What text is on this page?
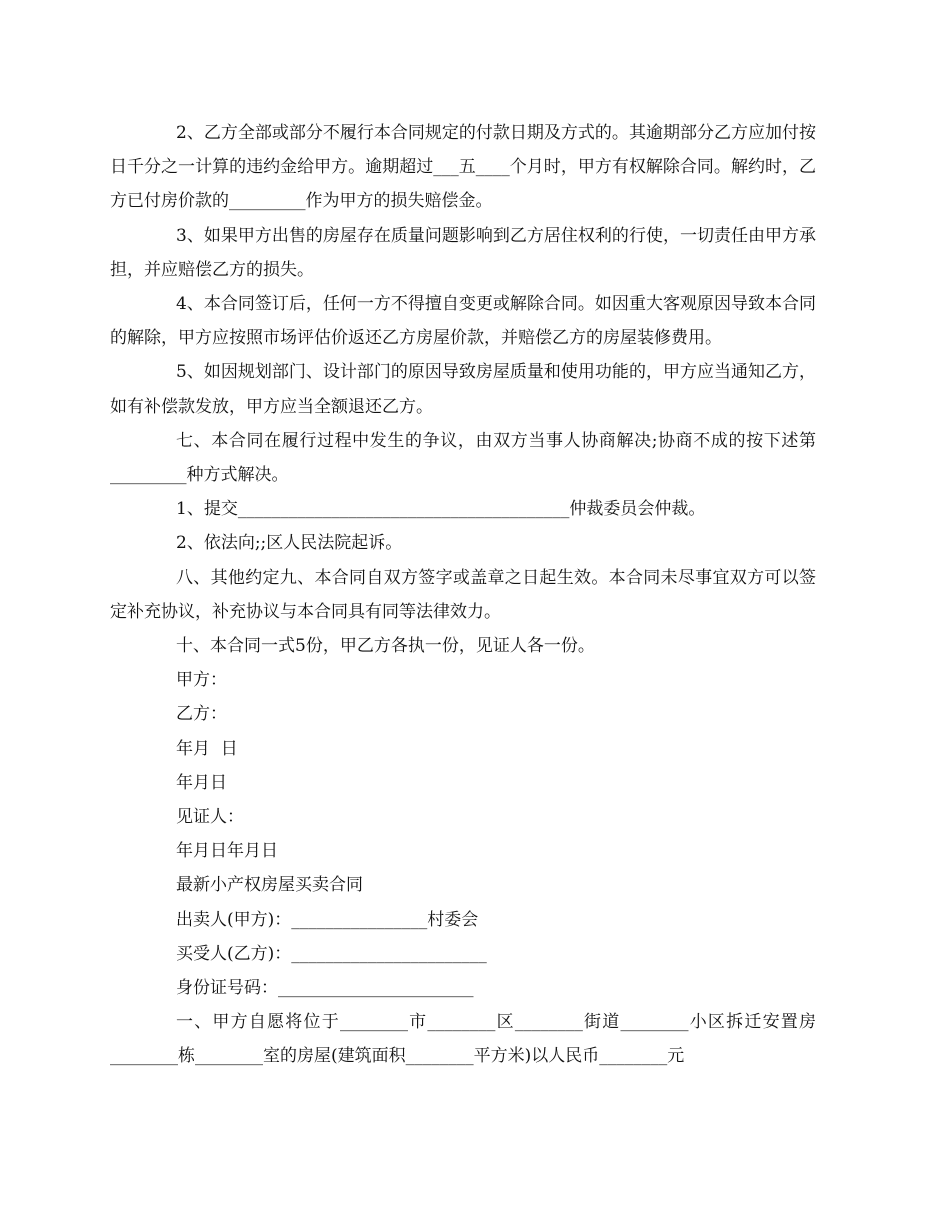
2、乙方全部或部分不履行本合同规定的付款日期及方式的。其逾期部分乙方应加付按日千分之一计算的违约金给甲方。逾期超过___五____个月时，甲方有权解除合同。解约时，乙方已付房价款的_________作为甲方的损失赔偿金。

3、如果甲方出售的房屋存在质量问题影响到乙方居住权利的行使，一切责任由甲方承担，并应赔偿乙方的损失。

4、本合同签订后，任何一方不得擅自变更或解除合同。如因重大客观原因导致本合同的解除，甲方应按照市场评估价返还乙方房屋价款，并赔偿乙方的房屋装修费用。

5、如因规划部门、设计部门的原因导致房屋质量和使用功能的，甲方应当通知乙方，如有补偿款发放，甲方应当全额退还乙方。

七、本合同在履行过程中发生的争议，由双方当事人协商解决;协商不成的按下述第_________种方式解决。

1、提交_______________________________________仲裁委员会仲裁。

2、依法向;;区人民法院起诉。

八、其他约定九、本合同自双方签字或盖章之日起生效。本合同未尽事宜双方可以签定补充协议，补充协议与本合同具有同等法律效力。

十、本合同一式5份，甲乙方各执一份，见证人各一份。

甲方：

乙方：

年月  日

年月日

见证人：

年月日年月日

最新小产权房屋买卖合同

出卖人(甲方)：________________村委会

买受人(乙方)：_______________________

身份证号码：_______________________

一、甲方自愿将位于________市________区________街道________小区拆迁安置房________栋________室的房屋(建筑面积________平方米)以人民币________元
